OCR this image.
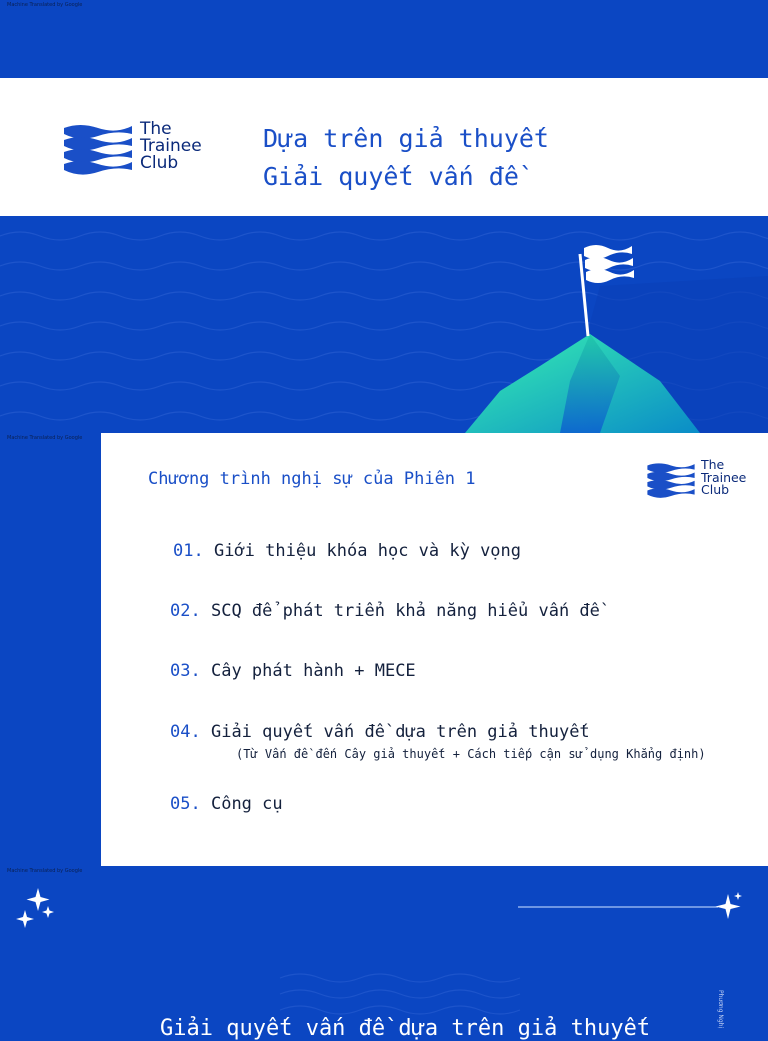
Machine Translated by Google
The
Trainee
Club
Dựa trên giả thuyết
Giải quyết vấn đề
Machine Translated by Google
Chương trình nghị sự của Phiên 1
The
Trainee
Club
01. Giới thiệu khóa học và kỳ vọng
02. SCQ để phát triển khả năng hiểu vấn đề
03. Cây phát hành + MECE
04. Giải quyết vấn đề dựa trên giả thuyết
(Từ Vấn đề đến Cây giả thuyết + Cách tiếp cận sử dụng Khẳng định)
05. Công cụ
Machine Translated by Google
Phương Nghị
Giải quyết vấn đề dựa trên giả thuyết
